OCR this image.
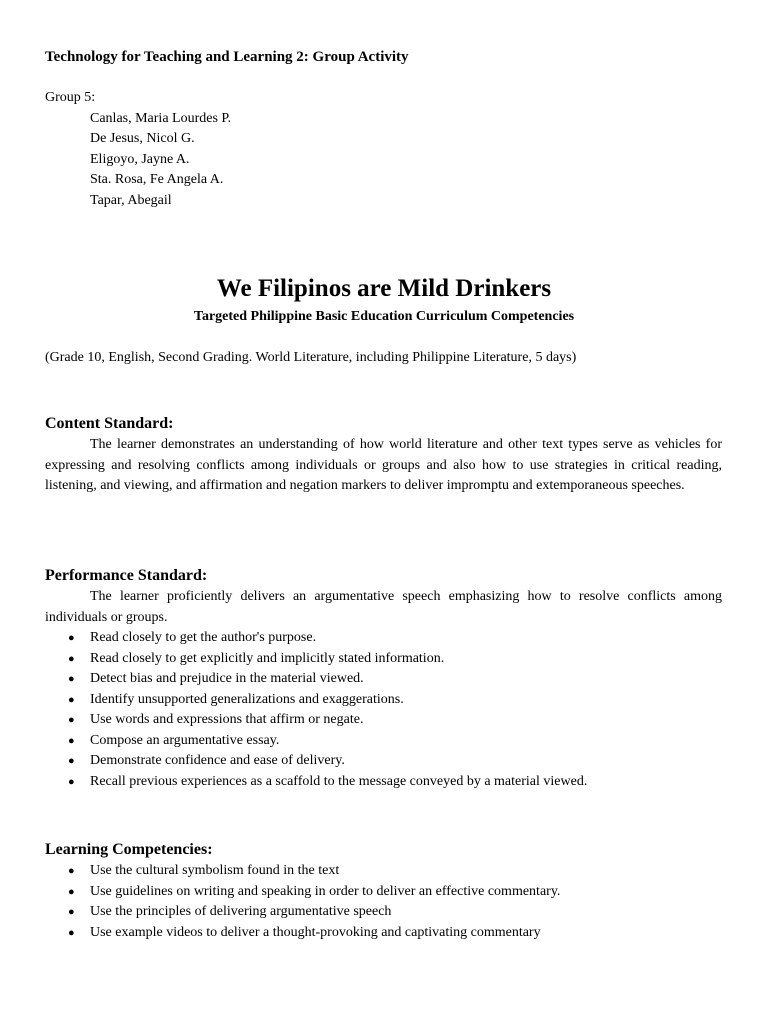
Technology for Teaching and Learning 2: Group Activity

Group 5:

Canlas, Maria Lourdes P.
De Jesus, Nicol G.
Eligoyo, Jayne A.
Sta. Rosa, Fe Angela A.
Tapar, Abegail
We Filipinos are Mild Drinkers
Targeted Philippine Basic Education Curriculum Competencies

(Grade 10, English, Second Grading. World Literature, including Philippine Literature, 5 days)

Content Standard:

The learner demonstrates an understanding of how world literature and other text types serve as vehicles for expressing and resolving conflicts among individuals or groups and also how to use strategies in critical reading, listening, and viewing, and affirmation and negation markers to deliver impromptu and extemporaneous speeches.

Performance Standard:

The learner proficiently delivers an argumentative speech emphasizing how to resolve conflicts among individuals or groups.

● Read closely to get the author's purpose.
● Read closely to get explicitly and implicitly stated information.
● Detect bias and prejudice in the material viewed.
● Identify unsupported generalizations and exaggerations.
● Use words and expressions that affirm or negate.
● Compose an argumentative essay.
● Demonstrate confidence and ease of delivery.
● Recall previous experiences as a scaffold to the message conveyed by a material viewed.
Learning Competencies:
● Use the cultural symbolism found in the text
● Use guidelines on writing and speaking in order to deliver an effective commentary.
● Use the principles of delivering argumentative speech
● Use example videos to deliver a thought-provoking and captivating commentary
